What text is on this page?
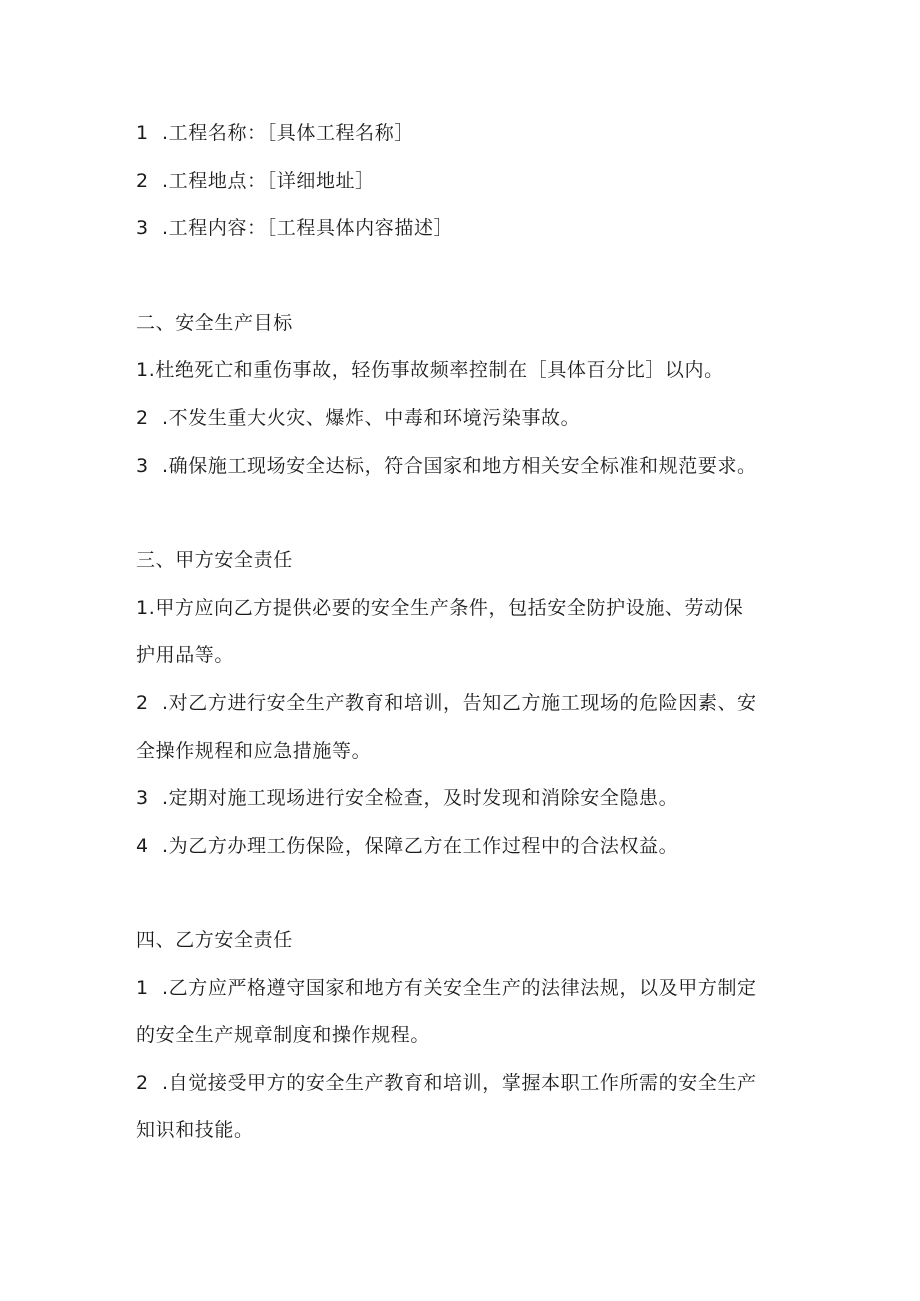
1 .工程名称：［具体工程名称］

2 .工程地点：［详细地址］

3 .工程内容：［工程具体内容描述］

二、安全生产目标

1.杜绝死亡和重伤事故，轻伤事故频率控制在［具体百分比］以内。

2 .不发生重大火灾、爆炸、中毒和环境污染事故。

3 .确保施工现场安全达标，符合国家和地方相关安全标准和规范要求。

三、甲方安全责任

1.甲方应向乙方提供必要的安全生产条件，包括安全防护设施、劳动保

护用品等。

2 .对乙方进行安全生产教育和培训，告知乙方施工现场的危险因素、安

全操作规程和应急措施等。

3 .定期对施工现场进行安全检查，及时发现和消除安全隐患。

4 .为乙方办理工伤保险，保障乙方在工作过程中的合法权益。

四、乙方安全责任

1 .乙方应严格遵守国家和地方有关安全生产的法律法规，以及甲方制定

的安全生产规章制度和操作规程。

2 .自觉接受甲方的安全生产教育和培训，掌握本职工作所需的安全生产

知识和技能。
